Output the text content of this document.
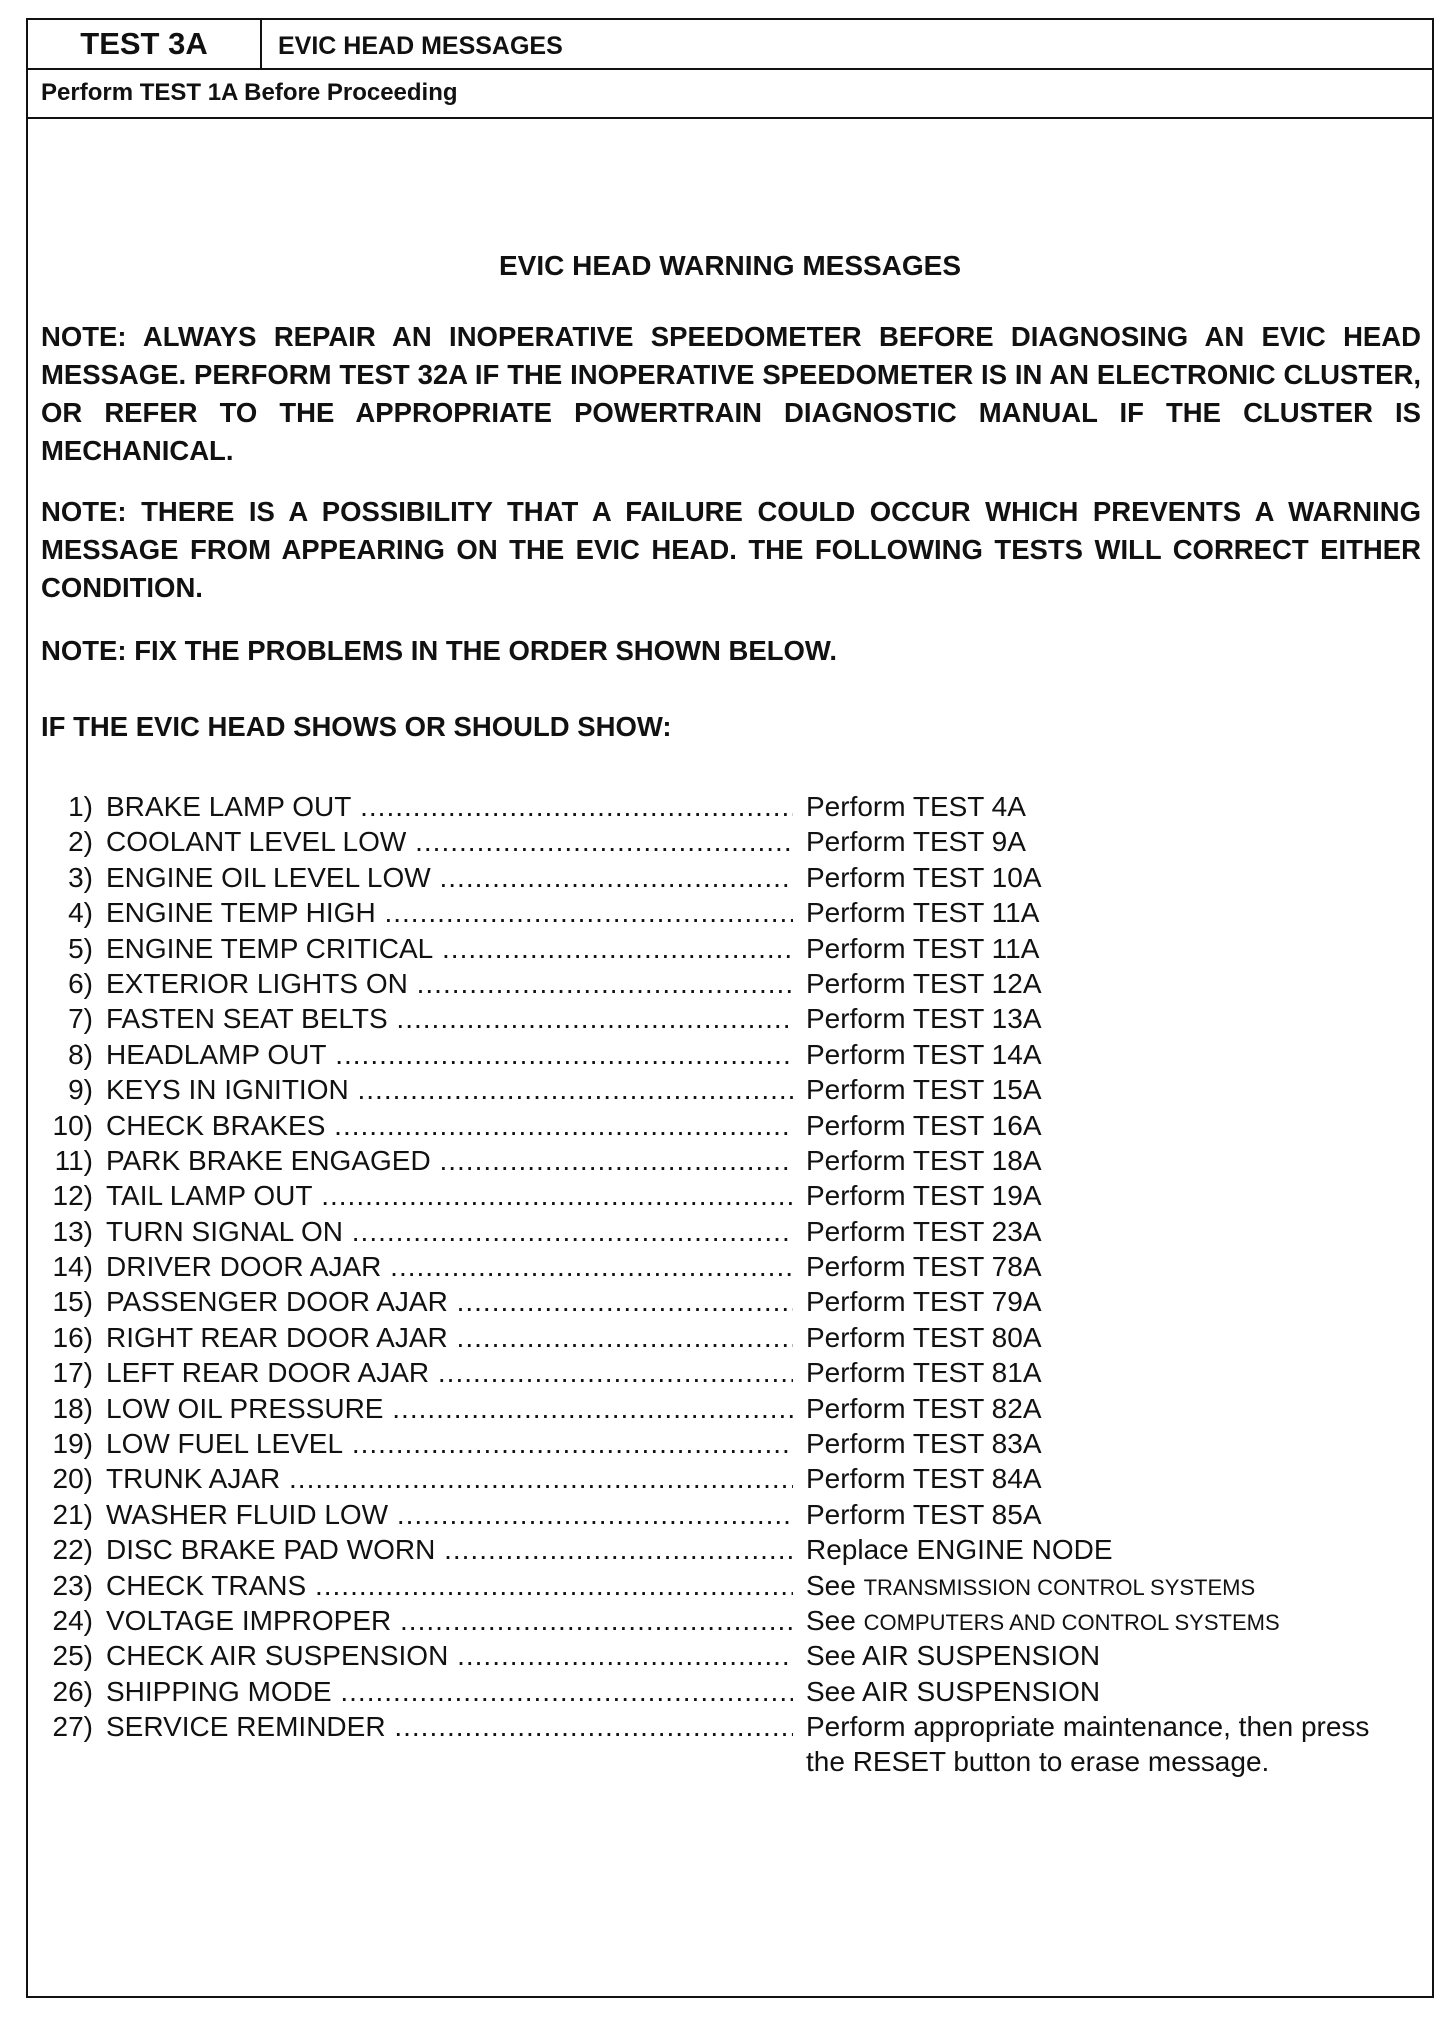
TEST 3A	EVIC HEAD MESSAGES
Perform TEST 1A Before Proceeding
EVIC HEAD WARNING MESSAGES
NOTE: ALWAYS REPAIR AN INOPERATIVE SPEEDOMETER BEFORE DIAGNOSING AN EVIC HEAD MESSAGE. PERFORM TEST 32A IF THE INOPERATIVE SPEEDOMETER IS IN AN ELECTRONIC CLUSTER, OR REFER TO THE APPROPRIATE POWERTRAIN DIAGNOSTIC MANUAL IF THE CLUSTER IS MECHANICAL.
NOTE: THERE IS A POSSIBILITY THAT A FAILURE COULD OCCUR WHICH PREVENTS A WARNING MESSAGE FROM APPEARING ON THE EVIC HEAD. THE FOLLOWING TESTS WILL CORRECT EITHER CONDITION.
NOTE: FIX THE PROBLEMS IN THE ORDER SHOWN BELOW.
IF THE EVIC HEAD SHOWS OR SHOULD SHOW:
1) BRAKE LAMP OUT .....	Perform TEST 4A
2) COOLANT LEVEL LOW .....	Perform TEST 9A
3) ENGINE OIL LEVEL LOW .....	Perform TEST 10A
4) ENGINE TEMP HIGH .....	Perform TEST 11A
5) ENGINE TEMP CRITICAL .....	Perform TEST 11A
6) EXTERIOR LIGHTS ON .....	Perform TEST 12A
7) FASTEN SEAT BELTS .....	Perform TEST 13A
8) HEADLAMP OUT .....	Perform TEST 14A
9) KEYS IN IGNITION .....	Perform TEST 15A
10) CHECK BRAKES .....	Perform TEST 16A
11) PARK BRAKE ENGAGED .....	Perform TEST 18A
12) TAIL LAMP OUT .....	Perform TEST 19A
13) TURN SIGNAL ON .....	Perform TEST 23A
14) DRIVER DOOR AJAR .....	Perform TEST 78A
15) PASSENGER DOOR AJAR .....	Perform TEST 79A
16) RIGHT REAR DOOR AJAR .....	Perform TEST 80A
17) LEFT REAR DOOR AJAR .....	Perform TEST 81A
18) LOW OIL PRESSURE .....	Perform TEST 82A
19) LOW FUEL LEVEL .....	Perform TEST 83A
20) TRUNK AJAR .....	Perform TEST 84A
21) WASHER FLUID LOW .....	Perform TEST 85A
22) DISC BRAKE PAD WORN .....	Replace ENGINE NODE
23) CHECK TRANS .....	See TRANSMISSION CONTROL SYSTEMS
24) VOLTAGE IMPROPER .....	See COMPUTERS AND CONTROL SYSTEMS
25) CHECK AIR SUSPENSION .....	See AIR SUSPENSION
26) SHIPPING MODE .....	See AIR SUSPENSION
27) SERVICE REMINDER .....	Perform appropriate maintenance, then press the RESET button to erase message.
